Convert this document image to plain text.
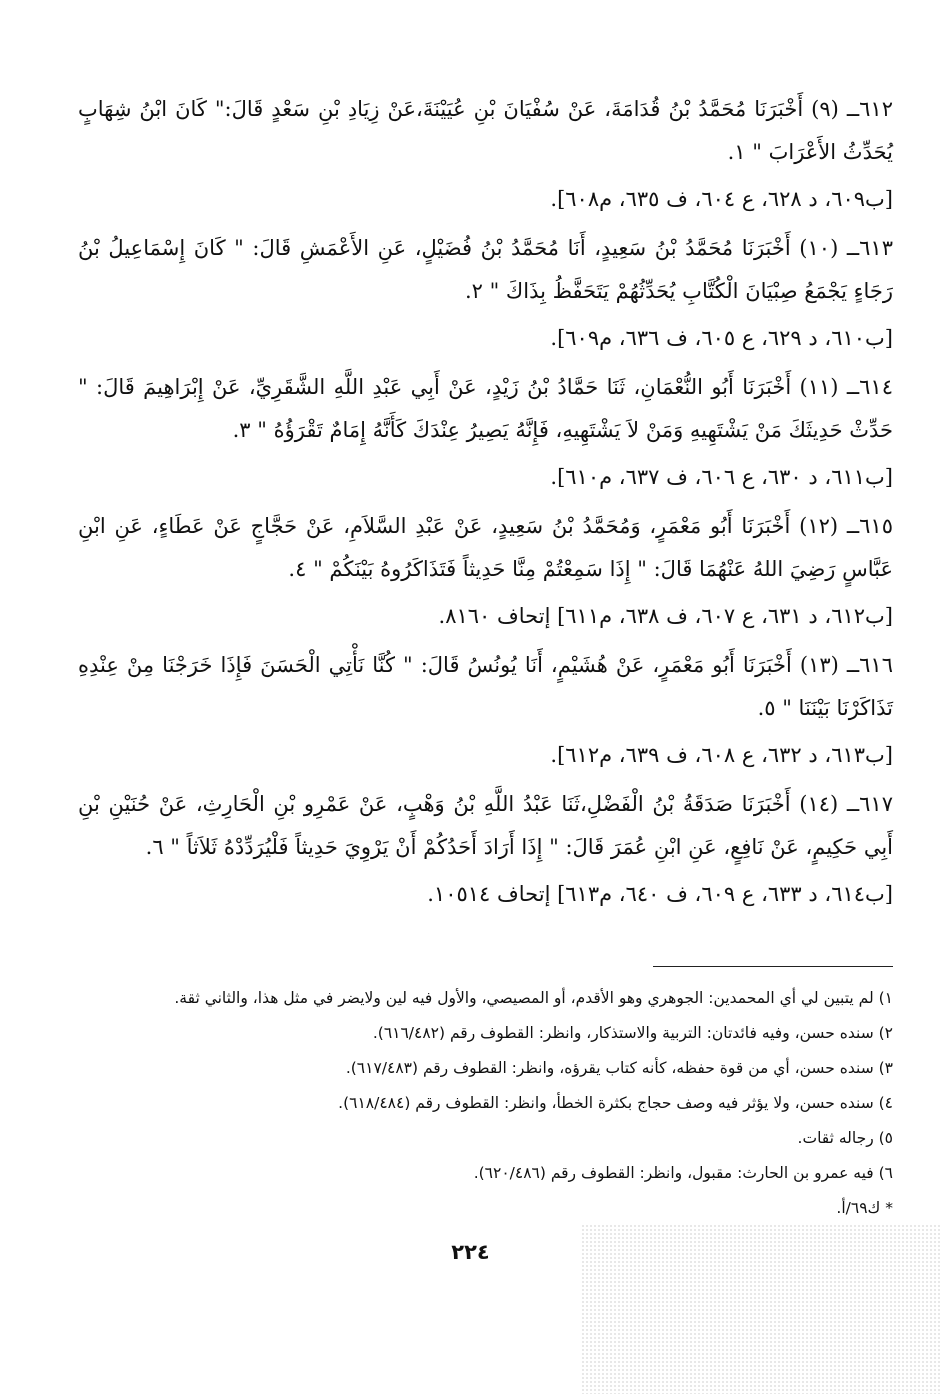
٦١٢ــ (٩) أَخْبَرَنَا مُحَمَّدُ بْنُ قُدَامَةَ، عَنْ سُفْيَانَ بْنِ عُيَيْنَةَ،عَنْ زِيَادِ بْنِ سَعْدٍ قَالَ:" كَانَ ابْنُ شِهَابٍ يُحَدِّثُ الأَعْرَابَ " ١.

[ب٦٠٩، د ٦٢٨، ع ٦٠٤، ف ٦٣٥، م٦٠٨].

٦١٣ــ (١٠) أَخْبَرَنَا مُحَمَّدُ بْنُ سَعِيدٍ، أَنَا مُحَمَّدُ بْنُ فُضَيْلٍ، عَنِ الأَعْمَشِ قَالَ: " كَانَ إِسْمَاعِيلُ بْنُ رَجَاءٍ يَجْمَعُ صِبْيَانَ الْكُتَّابِ يُحَدِّثُهُمْ يَتَحَفَّظُ بِذَاكَ " ٢.

[ب٦١٠، د ٦٢٩، ع ٦٠٥، ف ٦٣٦، م٦٠٩].

٦١٤ــ (١١) أَخْبَرَنَا أَبُو النُّعْمَانِ، ثَنَا حَمَّادُ بْنُ زَيْدٍ، عَنْ أَبِي عَبْدِ اللَّهِ الشَّقَرِيِّ، عَنْ إِبْرَاهِيمَ قَالَ: " حَدِّثْ حَدِيثَكَ مَنْ يَشْتَهِيهِ وَمَنْ لاَ يَشْتَهِيهِ، فَإِنَّهُ يَصِيرُ عِنْدَكَ كَأَنَّهُ إِمَامٌ تَقْرَؤُهُ " ٣.

[ب٦١١، د ٦٣٠، ع ٦٠٦، ف ٦٣٧، م٦١٠].

٦١٥ــ (١٢) أَخْبَرَنَا أَبُو مَعْمَرٍ، وَمُحَمَّدُ بْنُ سَعِيدٍ، عَنْ عَبْدِ السَّلاَمِ، عَنْ حَجَّاجٍ عَنْ عَطَاءٍ، عَنِ ابْنِ عَبَّاسٍ رَضِيَ اللهُ عَنْهُمَا قَالَ: " إِذَا سَمِعْتُمْ مِنَّا حَدِيثاً فَتَذَاكَرُوهُ بَيْنَكُمْ " ٤.

[ب٦١٢، د ٦٣١، ع ٦٠٧، ف ٦٣٨، م٦١١] إتحاف ٨١٦٠.

٦١٦ــ (١٣) أَخْبَرَنَا أَبُو مَعْمَرٍ، عَنْ هُشَيْمٍ، أَنَا يُونُسُ قَالَ: " كُنَّا نَأْتِي الْحَسَنَ فَإِذَا خَرَجْنَا مِنْ عِنْدِهِ تَذَاكَرْنَا بَيْنَنَا " ٥.

[ب٦١٣، د ٦٣٢، ع ٦٠٨، ف ٦٣٩، م٦١٢].

٦١٧ــ (١٤) أَخْبَرَنَا صَدَقَةُ بْنُ الْفَضْلِ،ثَنَا عَبْدُ اللَّهِ بْنُ وَهْبٍ، عَنْ عَمْرِو بْنِ الْحَارِثِ، عَنْ حُنَيْنِ بْنِ أَبِي حَكِيمٍ، عَنْ نَافِعٍ، عَنِ ابْنِ عُمَرَ قَالَ: " إِذَا أَرَادَ أَحَدُكُمْ أَنْ يَرْوِيَ حَدِيثاً فَلْيُرَدِّدْهُ ثَلاَثاً " ٦.

[ب٦١٤، د ٦٣٣، ع ٦٠٩، ف ٦٤٠، م٦١٣] إتحاف ١٠٥١٤.

١) لم يتبين لي أي المحمدين: الجوهري وهو الأقدم، أو المصيصي، والأول فيه لين ولايضر في مثل هذا، والثاني ثقة.

٢) سنده حسن، وفيه فائدتان: التربية والاستذكار، وانظر: القطوف رقم (٦١٦/٤٨٢).

٣) سنده حسن، أي من قوة حفظه، كأنه كتاب يقرؤه، وانظر: القطوف رقم (٦١٧/٤٨٣).

٤) سنده حسن، ولا يؤثر فيه وصف حجاج بكثرة الخطأ، وانظر: القطوف رقم (٦١٨/٤٨٤).

٥) رجاله ثقات.

٦) فيه عمرو بن الحارث: مقبول، وانظر: القطوف رقم (٦٢٠/٤٨٦).

* ك٦٩/أ.

٢٢٤
